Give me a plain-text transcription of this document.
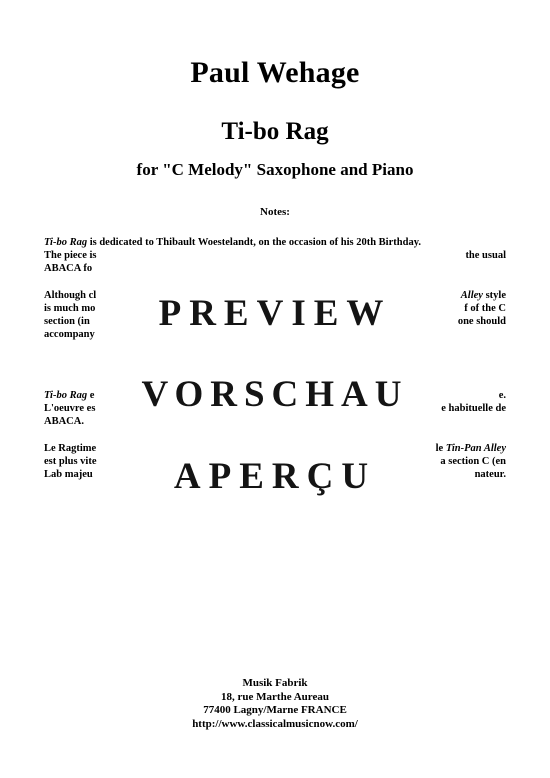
Paul Wehage
Ti-bo Rag
for "C Melody" Saxophone and Piano
Notes:
Ti-bo Rag is dedicated to Thibault Woestelandt, on the occasion of his 20th Birthday.
The piece is	the usual
ABACA fo
Although cl	Alley style
is much mo	f of the C
section (in	one should
accompany
Ti-bo Rag e	e.
L'oeuvre es	e habituelle de
ABACA.
Le Ragtime	le Tin-Pan Alley
est plus vite	a section C (en
Lab majeu	nateur.
PREVIEW
VORSCHAU
APERÇU
Musik Fabrik
18, rue Marthe Aureau
77400 Lagny/Marne FRANCE
http://www.classicalmusicnow.com/
